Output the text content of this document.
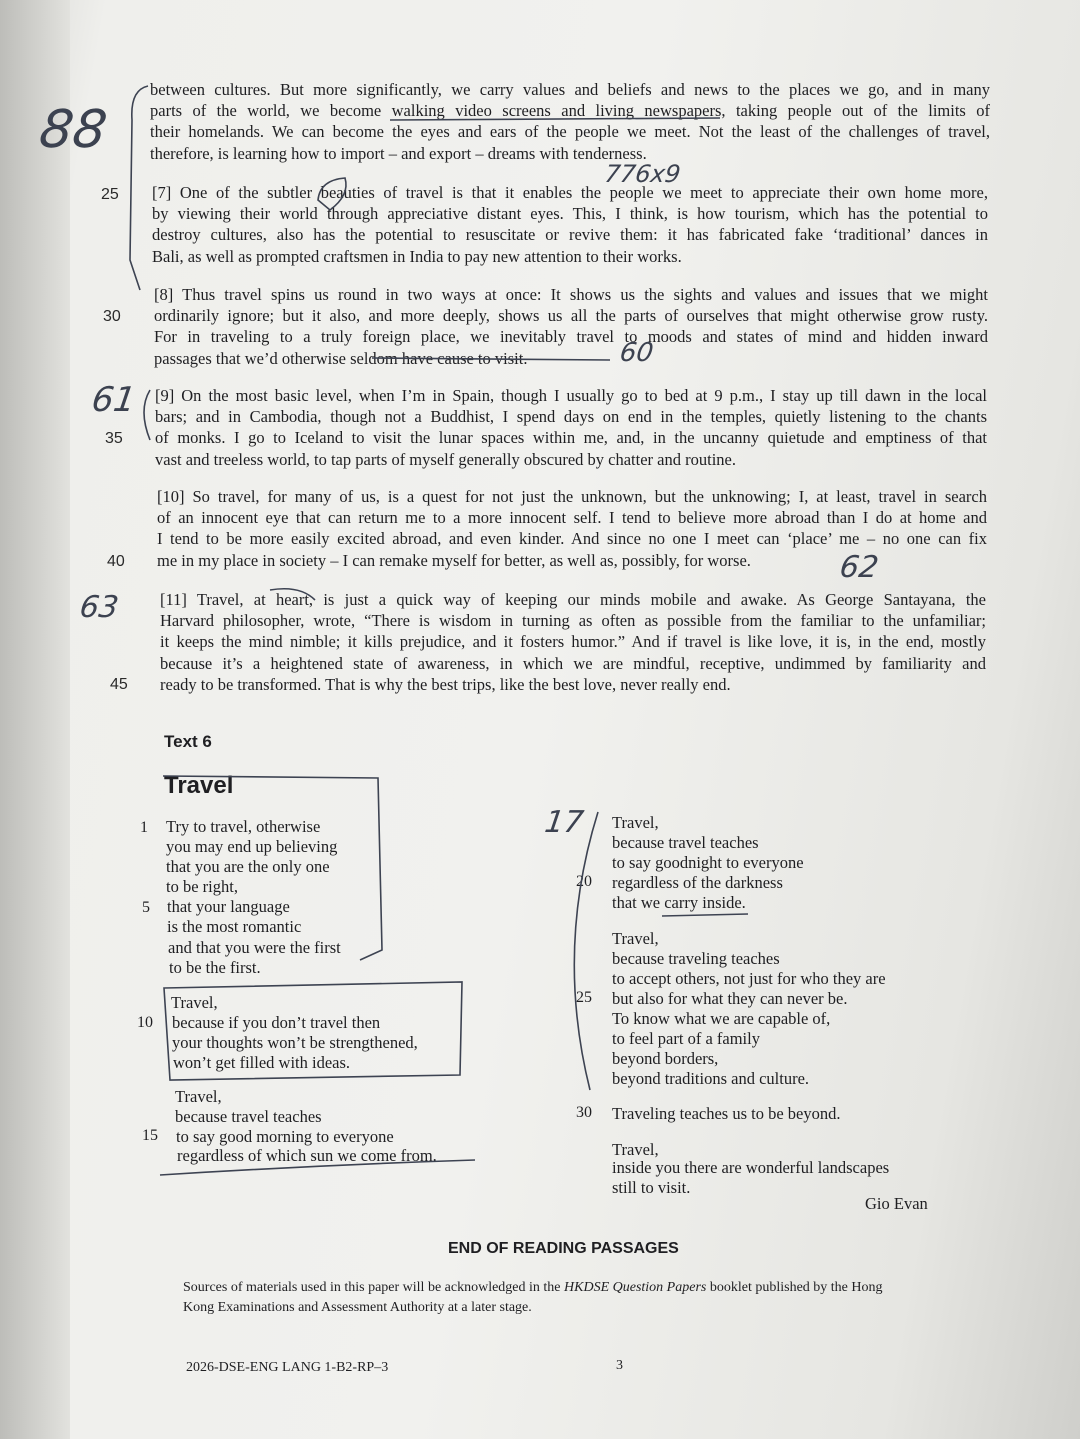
between cultures. But more significantly, we carry values and beliefs and news to the places we go, and in many
parts of the world, we become walking video screens and living newspapers, taking people out of the limits of
their homelands. We can become the eyes and ears of the people we meet. Not the least of the challenges of travel,
therefore, is learning how to import – and export – dreams with tenderness.
[7] One of the subtler beauties of travel is that it enables the people we meet to appreciate their own home more,
by viewing their world through appreciative distant eyes. This, I think, is how tourism, which has the potential to
destroy cultures, also has the potential to resuscitate or revive them: it has fabricated fake ‘traditional’ dances in
Bali, as well as prompted craftsmen in India to pay new attention to their works.
[8] Thus travel spins us round in two ways at once: It shows us the sights and values and issues that we might
ordinarily ignore; but it also, and more deeply, shows us all the parts of ourselves that might otherwise grow rusty.
For in traveling to a truly foreign place, we inevitably travel to moods and states of mind and hidden inward
passages that we’d otherwise seldom have cause to visit.
[9] On the most basic level, when I’m in Spain, though I usually go to bed at 9 p.m., I stay up till dawn in the local
bars; and in Cambodia, though not a Buddhist, I spend days on end in the temples, quietly listening to the chants
of monks. I go to Iceland to visit the lunar spaces within me, and, in the uncanny quietude and emptiness of that
vast and treeless world, to tap parts of myself generally obscured by chatter and routine.
[10] So travel, for many of us, is a quest for not just the unknown, but the unknowing; I, at least, travel in search
of an innocent eye that can return me to a more innocent self. I tend to believe more abroad than I do at home and
I tend to be more easily excited abroad, and even kinder. And since no one I meet can ‘place’ me – no one can fix
me in my place in society – I can remake myself for better, as well as, possibly, for worse.
[11] Travel, at heart, is just a quick way of keeping our minds mobile and awake. As George Santayana, the
Harvard philosopher, wrote, “There is wisdom in turning as often as possible from the familiar to the unfamiliar;
it keeps the mind nimble; it kills prejudice, and it fosters humor.” And if travel is like love, it is, in the end, mostly
because it’s a heightened state of awareness, in which we are mindful, receptive, undimmed by familiarity and
ready to be transformed. That is why the best trips, like the best love, never really end.
25
30
35
40
45
Text 6
Travel
Try to travel, otherwise
you may end up believing
that you are the only one
to be right,
that your language
is the most romantic
and that you were the first
to be the first.
Travel,
because if you don’t travel then
your thoughts won’t be strengthened,
won’t get filled with ideas.
Travel,
because travel teaches
to say good morning to everyone
regardless of which sun we come from.
Travel,
because travel teaches
to say goodnight to everyone
regardless of the darkness
that we carry inside.
Travel,
because traveling teaches
to accept others, not just for who they are
but also for what they can never be.
To know what we are capable of,
to feel part of a family
beyond borders,
beyond traditions and culture.
Traveling teaches us to be beyond.
Travel,
inside you there are wonderful landscapes
still to visit.
1
5
10
15
20
25
30
Gio Evan
END OF READING PASSAGES
Sources of materials used in this paper will be acknowledged in the HKDSE Question Papers booklet published by the Hong
Kong Examinations and Assessment Authority at a later stage.
2026-DSE-ENG LANG 1-B2-RP–3	3
88
776x9
60
61
62
63
17
